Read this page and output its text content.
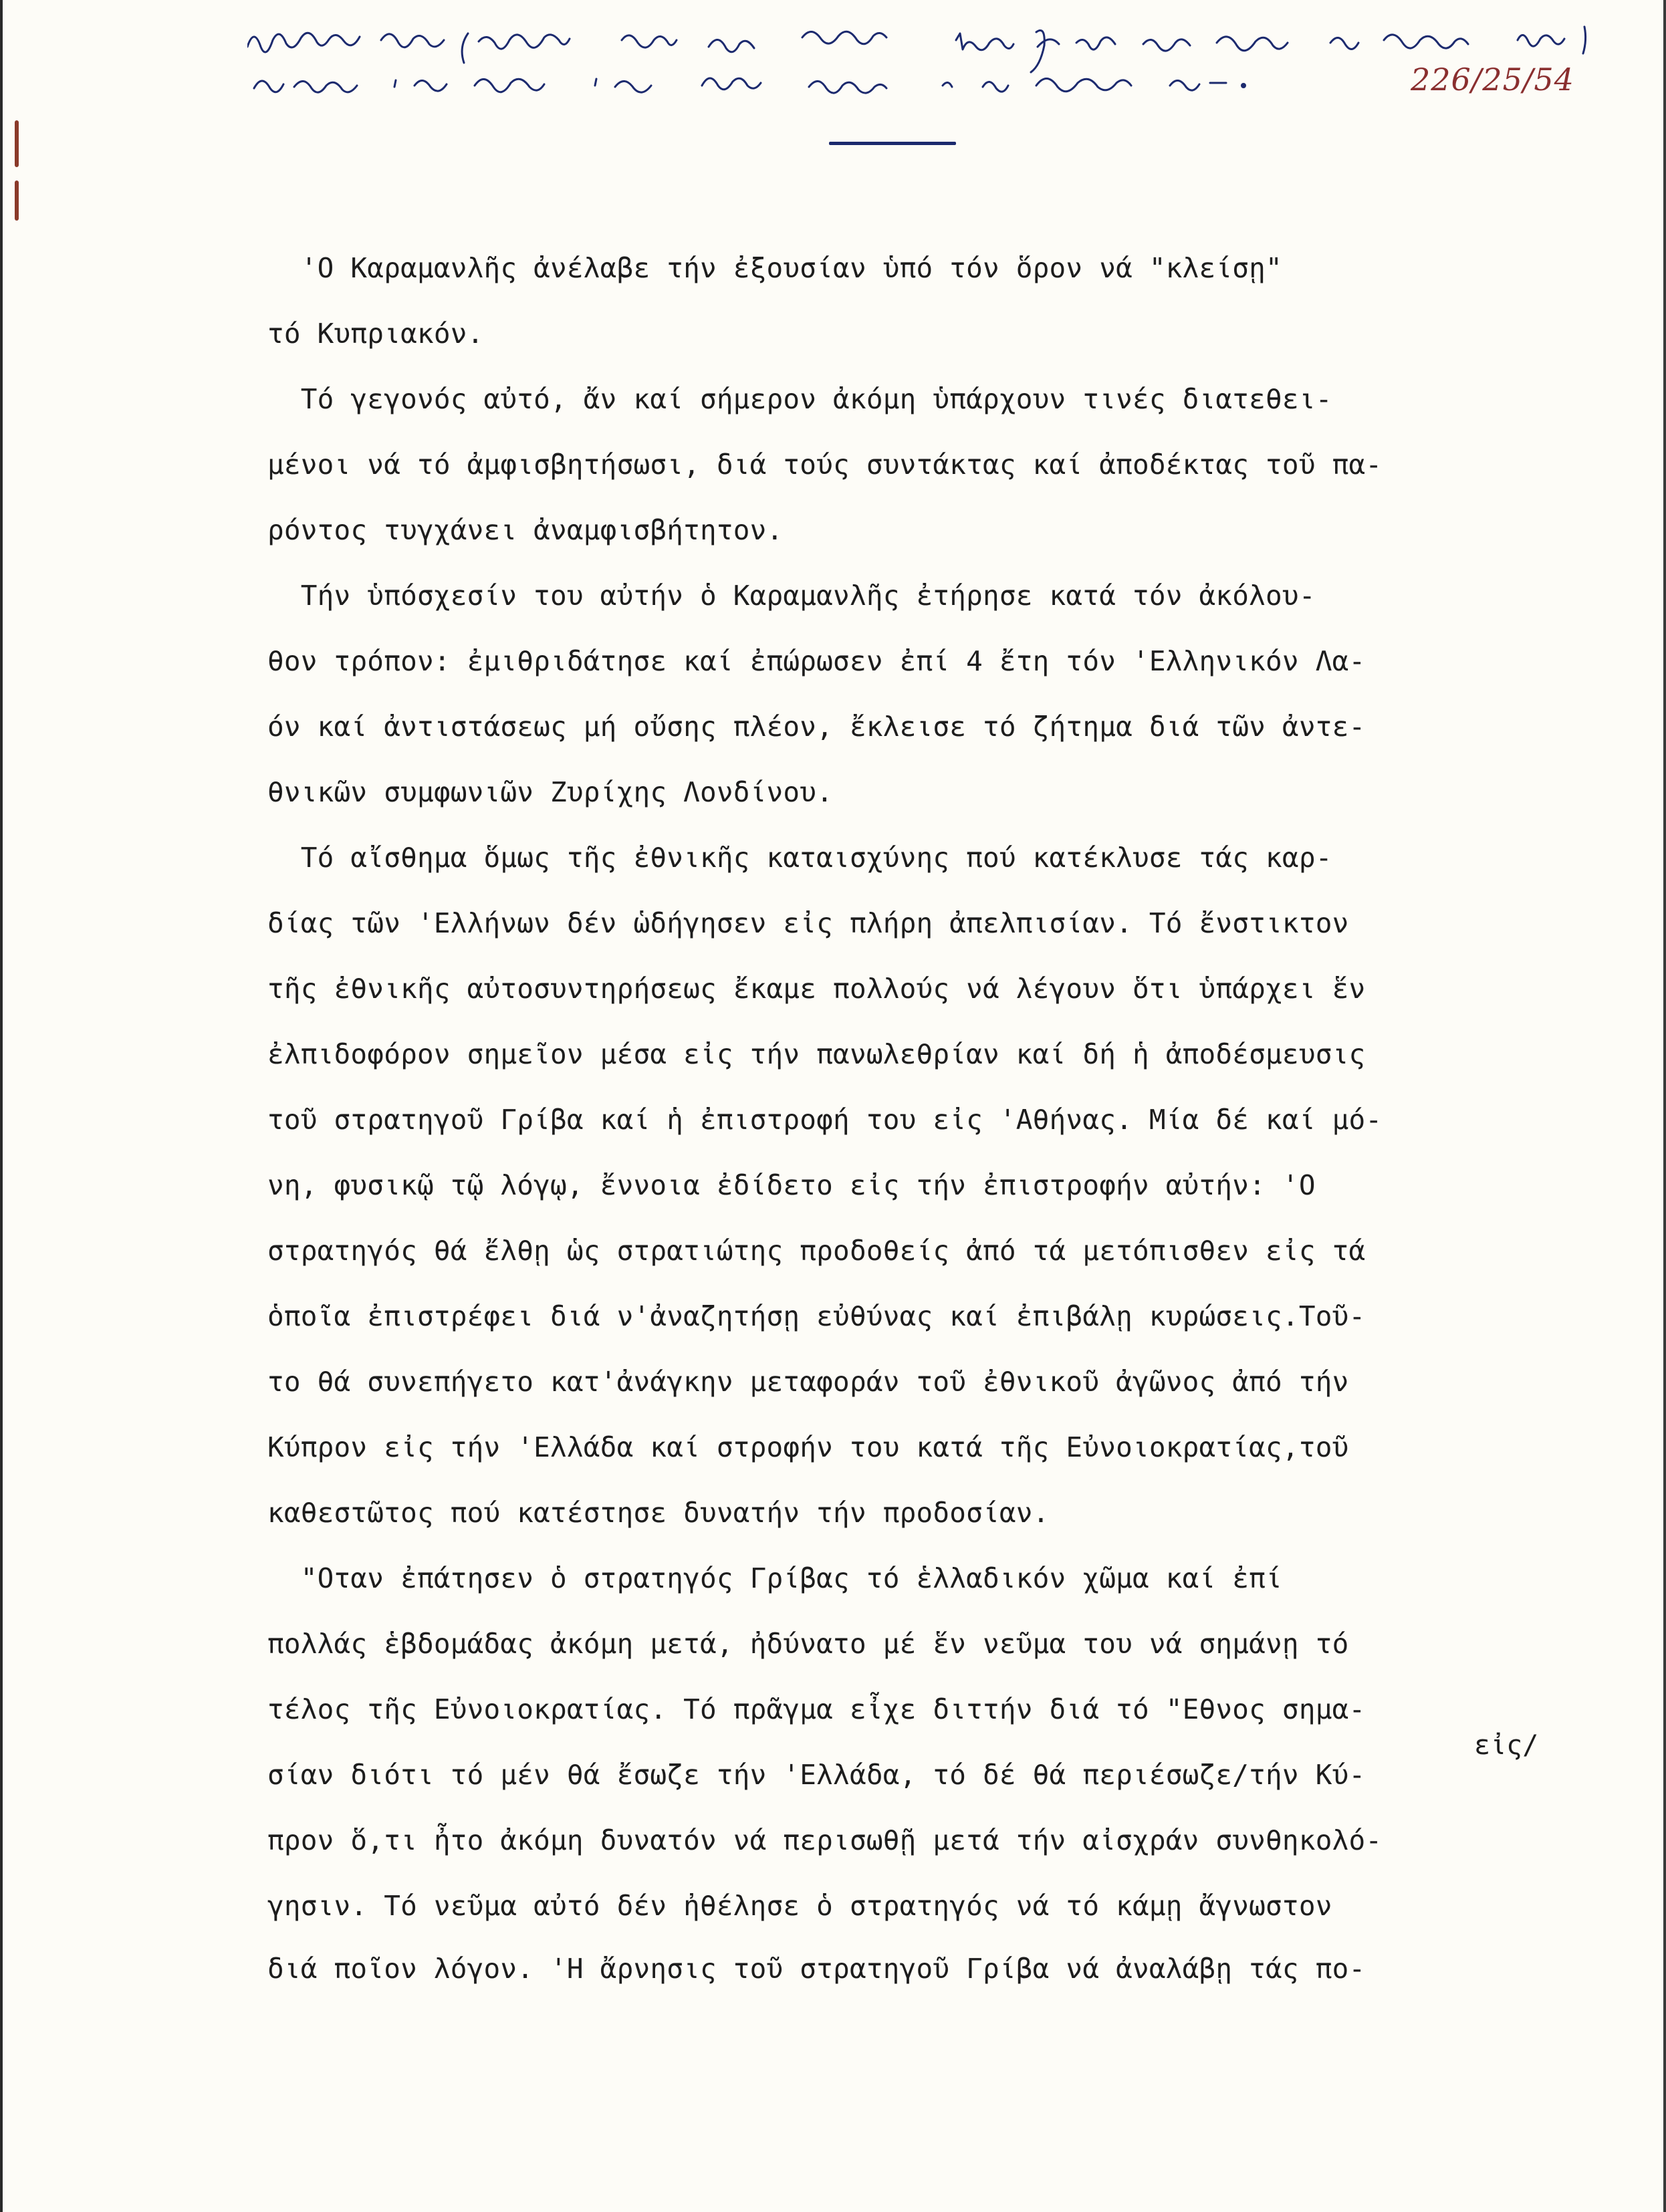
226/25/54
'Ο Καραμανλῆς ἀνέλαβε τήν ἐξουσίαν ὑπό τόν ὅρον νά "κλείσῃ"
τό Κυπριακόν.
Τό γεγονός αὐτό, ἄν καί σήμερον ἀκόμη ὑπάρχουν τινές διατεθει-
μένοι νά τό ἀμφισβητήσωσι, διά τούς συντάκτας καί ἀποδέκτας τοῦ πα-
ρόντος τυγχάνει ἀναμφισβήτητον.
Τήν ὑπόσχεσίν του αὐτήν ὁ Καραμανλῆς ἐτήρησε κατά τόν ἀκόλου-
θον τρόπον: ἐμιθριδάτησε καί ἐπώρωσεν ἐπί 4 ἔτη τόν 'Ελληνικόν Λα-
όν καί ἀντιστάσεως μή οὔσης πλέον, ἔκλεισε τό ζήτημα διά τῶν ἀντε-
θνικῶν συμφωνιῶν Ζυρίχης Λονδίνου.
Τό αἴσθημα ὅμως τῆς ἐθνικῆς καταισχύνης πού κατέκλυσε τάς καρ-
δίας τῶν 'Ελλήνων δέν ὡδήγησεν εἰς πλήρη ἀπελπισίαν. Τό ἔνστικτον
τῆς ἐθνικῆς αὐτοσυντηρήσεως ἔκαμε πολλούς νά λέγουν ὅτι ὑπάρχει ἕν
ἐλπιδοφόρον σημεῖον μέσα εἰς τήν πανωλεθρίαν καί δή ἡ ἀποδέσμευσις
τοῦ στρατηγοῦ Γρίβα καί ἡ ἐπιστροφή του εἰς 'Αθήνας. Μία δέ καί μό-
νη, φυσικῷ τῷ λόγῳ, ἔννοια ἐδίδετο εἰς τήν ἐπιστροφήν αὐτήν: 'Ο
στρατηγός θά ἔλθῃ ὡς στρατιώτης προδοθείς ἀπό τά μετόπισθεν εἰς τά
ὁποῖα ἐπιστρέφει διά ν'ἀναζητήσῃ εὐθύνας καί ἐπιβάλῃ κυρώσεις.Τοῦ-
το θά συνεπήγετο κατ'ἀνάγκην μεταφοράν τοῦ ἐθνικοῦ ἀγῶνος ἀπό τήν
Κύπρον εἰς τήν 'Ελλάδα καί στροφήν του κατά τῆς Εὐνοιοκρατίας,τοῦ
καθεστῶτος πού κατέστησε δυνατήν τήν προδοσίαν.
"Οταν ἐπάτησεν ὁ στρατηγός Γρίβας τό ἑλλαδικόν χῶμα καί ἐπί
πολλάς ἑβδομάδας ἀκόμη μετά, ἠδύνατο μέ ἕν νεῦμα του νά σημάνῃ τό
τέλος τῆς Εὐνοιοκρατίας. Τό πρᾶγμα εἶχε διττήν διά τό "Εθνος σημα-
σίαν διότι τό μέν θά ἔσωζε τήν 'Ελλάδα, τό δέ θά περιέσωζε/τήν Κύ-
προν ὅ,τι ἦτο ἀκόμη δυνατόν νά περισωθῇ μετά τήν αἰσχράν συνθηκολό-
γησιν. Τό νεῦμα αὐτό δέν ἠθέλησε ὁ στρατηγός νά τό κάμῃ ἄγνωστον
διά ποῖον λόγον. 'Η ἄρνησις τοῦ στρατηγοῦ Γρίβα νά ἀναλάβῃ τάς πο-
εἰς/
